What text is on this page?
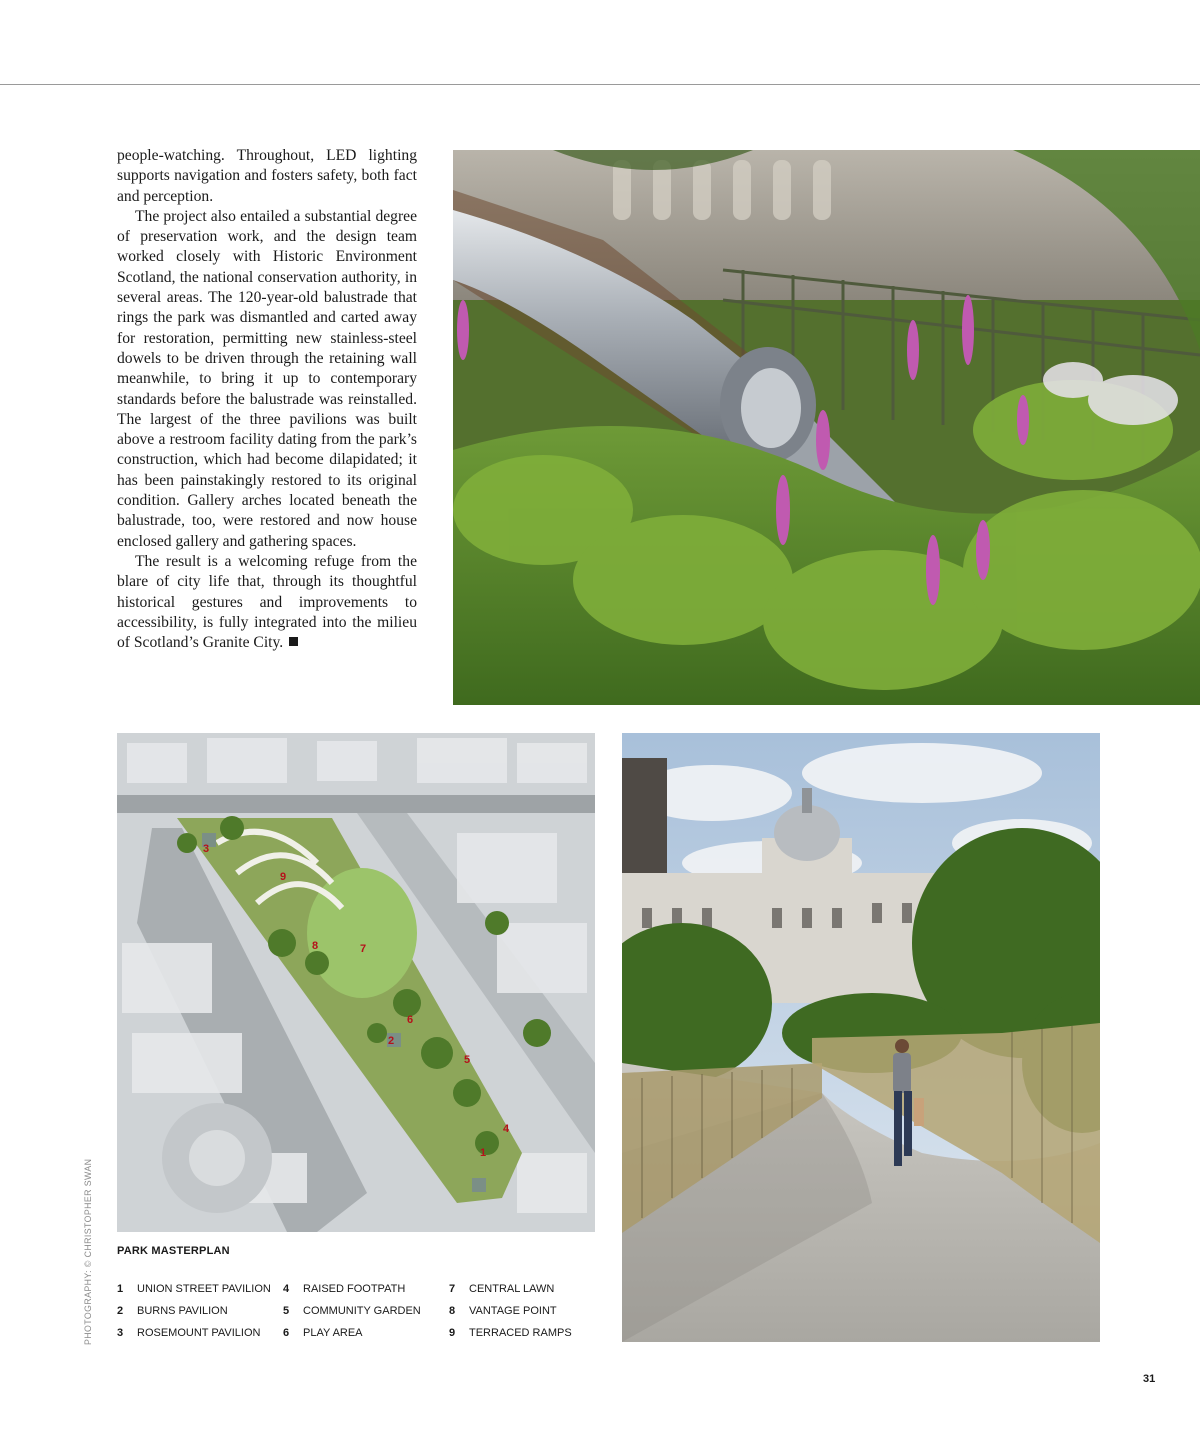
people-watching. Throughout, LED lighting supports navigation and fosters safety, both fact and perception.

The project also entailed a substantial degree of preservation work, and the design team worked closely with Historic Environment Scotland, the national conservation authority, in several areas. The 120-year-old balustrade that rings the park was dismantled and carted away for restoration, permitting new stainless-steel dowels to be driven through the retaining wall meanwhile, to bring it up to contemporary standards before the balustrade was reinstalled. The largest of the three pavilions was built above a restroom facility dating from the park’s construction, which had become dilapidated; it has been painstakingly restored to its original condition. Gallery arches located beneath the balustrade, too, were restored and now house enclosed gallery and gathering spaces.

The result is a welcoming refuge from the blare of city life that, through its thoughtful historical gestures and improvements to accessibility, is fully integrated into the milieu of Scotland’s Granite City.

1
2
3
4
5
6
7
8
9
PHOTOGRAPHY: © CHRISTOPHER SWAN PARK MASTERPLAN
1 UNION STREET PAVILION
2 BURNS PAVILION
3 ROSEMOUNT PAVILION
4 RAISED FOOTPATH
5 COMMUNITY GARDEN
6 PLAY AREA
7 CENTRAL LAWN
8 VANTAGE POINT
9 TERRACED RAMPS
31
